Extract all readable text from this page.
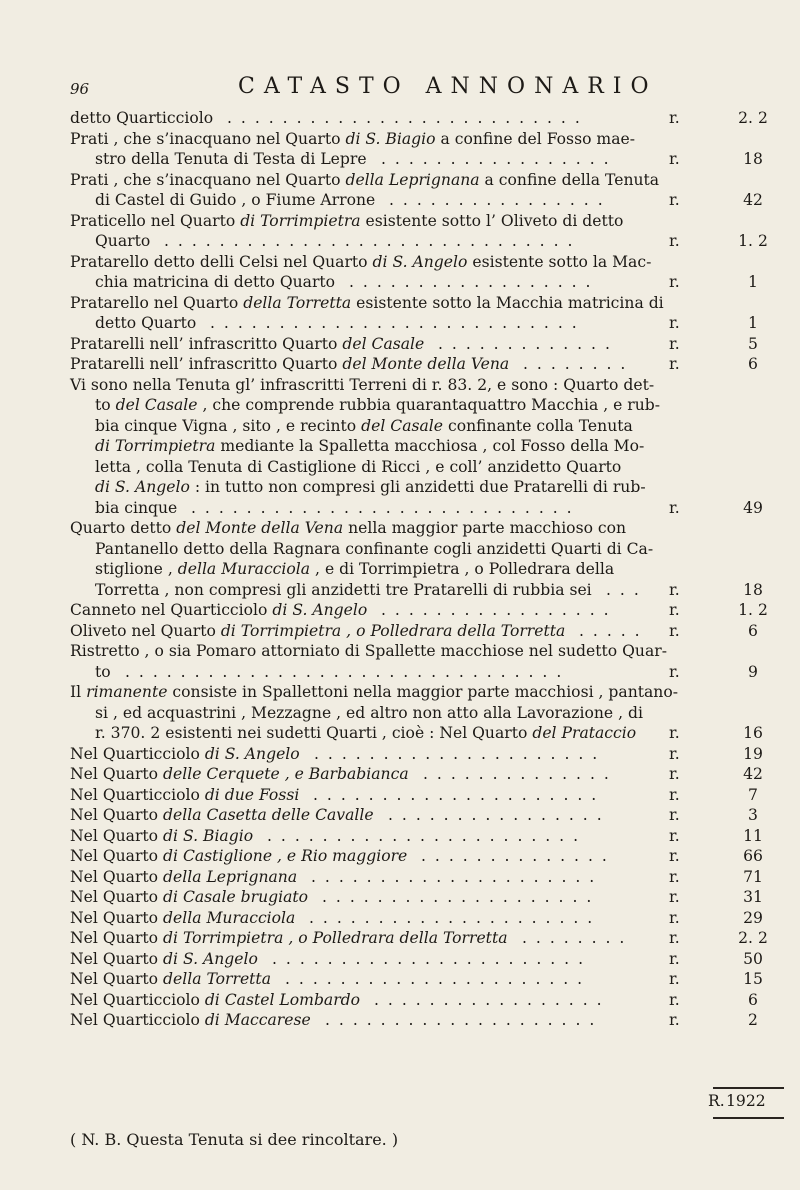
96	CATASTO ANNONARIO
detto Quarticciolo . . . . . . . . . . . . . . . . . . . . . . . . . .	r.	2. 2
Prati , che s’inacquano nel Quarto di S. Biagio a confine del Fosso mae-
stro della Tenuta di Testa di Lepre . . . . . . . . . . . . . . . . .	r.	18
Prati , che s’inacquano nel Quarto della Leprignana a confine della Tenuta
di Castel di Guido , o Fiume Arrone . . . . . . . . . . . . . . . .	r.	42
Praticello nel Quarto di Torrimpietra esistente sotto l’ Oliveto di detto
Quarto . . . . . . . . . . . . . . . . . . . . . . . . . . . . . .	r.	1. 2
Pratarello detto delli Celsi nel Quarto di S. Angelo esistente sotto la Mac-
chia matricina di detto Quarto . . . . . . . . . . . . . . . . . .	r.	1
Pratarello nel Quarto della Torretta esistente sotto la Macchia matricina di
detto Quarto . . . . . . . . . . . . . . . . . . . . . . . . . . .	r.	1
Pratarelli nell’ infrascritto Quarto del Casale . . . . . . . . . . . . .	r.	5
Pratarelli nell’ infrascritto Quarto del Monte della Vena . . . . . . . .	r.	6
Vi sono nella Tenuta gl’ infrascritti Terreni di r. 83. 2, e sono : Quarto det-
to del Casale , che comprende rubbia quarantaquattro Macchia , e rub-
bia cinque Vigna , sito , e recinto del Casale confinante colla Tenuta
di Torrimpietra mediante la Spalletta macchiosa , col Fosso della Mo-
letta , colla Tenuta di Castiglione di Ricci , e coll’ anzidetto Quarto
di S. Angelo : in tutto non compresi gli anzidetti due Pratarelli di rub-
bia cinque . . . . . . . . . . . . . . . . . . . . . . . . . . . .	r.	49
Quarto detto del Monte della Vena nella maggior parte macchioso con
Pantanello detto della Ragnara confinante cogli anzidetti Quarti di Ca-
stiglione , della Muracciola , e di Torrimpietra , o Polledrara della
Torretta , non compresi gli anzidetti tre Pratarelli di rubbia sei . . . r.	18
Canneto nel Quarticciolo di S. Angelo . . . . . . . . . . . . . . . . .	r.	1. 2
Oliveto nel Quarto di Torrimpietra , o Polledrara della Torretta . . . . . r.	6
Ristretto , o sia Pomaro attorniato di Spallette macchiose nel sudetto Quar-
to . . . . . . . . . . . . . . . . . . . . . . . . . . . . . . . .	r.	9
Il rimanente consiste in Spallettoni nella maggior parte macchiosi , pantano-
si , ed acquastrini , Mezzagne , ed altro non atto alla Lavorazione , di
r. 370. 2 esistenti nei sudetti Quarti , cioè : Nel Quarto del Prataccio r.	16
Nel Quarticciolo di S. Angelo . . . . . . . . . . . . . . . . . . . . .	r.	19
Nel Quarto delle Cerquete , e Barbabianca . . . . . . . . . . . . . .	r.	42
Nel Quarticciolo di due Fossi . . . . . . . . . . . . . . . . . . . . .	r.	7
Nel Quarto della Casetta delle Cavalle . . . . . . . . . . . . . . . .	r.	3
Nel Quarto di S. Biagio . . . . . . . . . . . . . . . . . . . . . . .	r.	11
Nel Quarto di Castiglione , e Rio maggiore . . . . . . . . . . . . . .	r.	66
Nel Quarto della Leprignana . . . . . . . . . . . . . . . . . . . . .	r.	71
Nel Quarto di Casale brugiato . . . . . . . . . . . . . . . . . . . .	r.	31
Nel Quarto della Muracciola . . . . . . . . . . . . . . . . . . . . .	r.	29
Nel Quarto di Torrimpietra , o Polledrara della Torretta . . . . . . . .	r.	2. 2
Nel Quarto di S. Angelo . . . . . . . . . . . . . . . . . . . . . . .	r.	50
Nel Quarto della Torretta . . . . . . . . . . . . . . . . . . . . . .	r.	15
Nel Quarticciolo di Castel Lombardo . . . . . . . . . . . . . . . . .	r.	6
Nel Quarticciolo di Maccarese . . . . . . . . . . . . . . . . . . . .	r.	2
R. 1922
( N. B. Questa Tenuta si dee rincoltare. )
